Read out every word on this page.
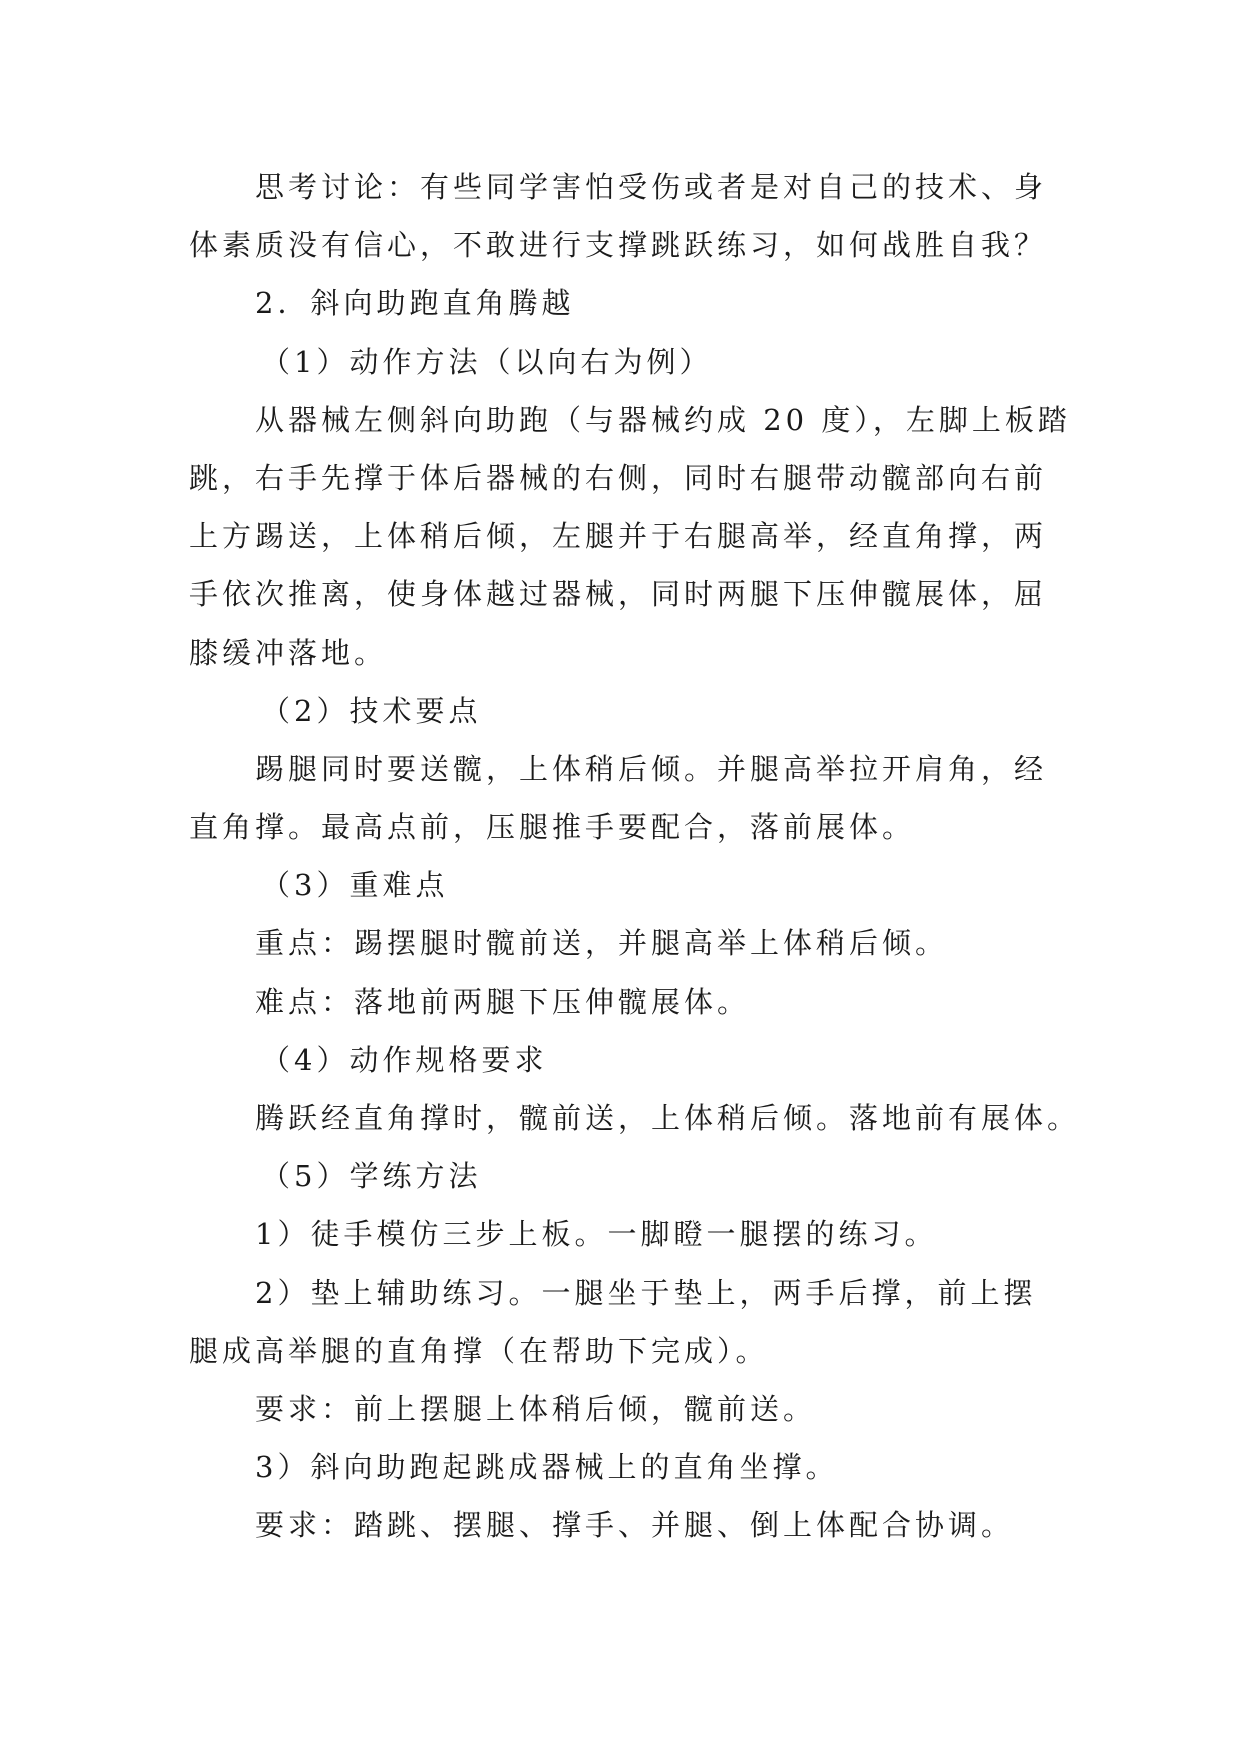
思考讨论：有些同学害怕受伤或者是对自己的技术、身
体素质没有信心，不敢进行支撑跳跃练习，如何战胜自我？
2．斜向助跑直角腾越
（1）动作方法（以向右为例）
从器械左侧斜向助跑（与器械约成 20 度），左脚上板踏
跳，右手先撑于体后器械的右侧，同时右腿带动髋部向右前
上方踢送，上体稍后倾，左腿并于右腿高举，经直角撑，两
手依次推离，使身体越过器械，同时两腿下压伸髋展体，屈
膝缓冲落地。
（2）技术要点
踢腿同时要送髋，上体稍后倾。并腿高举拉开肩角，经
直角撑。最高点前，压腿推手要配合，落前展体。
（3）重难点
重点：踢摆腿时髋前送，并腿高举上体稍后倾。
难点：落地前两腿下压伸髋展体。
（4）动作规格要求
腾跃经直角撑时，髋前送，上体稍后倾。落地前有展体。
（5）学练方法
1）徒手模仿三步上板。一脚瞪一腿摆的练习。
2）垫上辅助练习。一腿坐于垫上，两手后撑，前上摆
腿成高举腿的直角撑（在帮助下完成）。
要求：前上摆腿上体稍后倾，髋前送。
3）斜向助跑起跳成器械上的直角坐撑。
要求：踏跳、摆腿、撑手、并腿、倒上体配合协调。
